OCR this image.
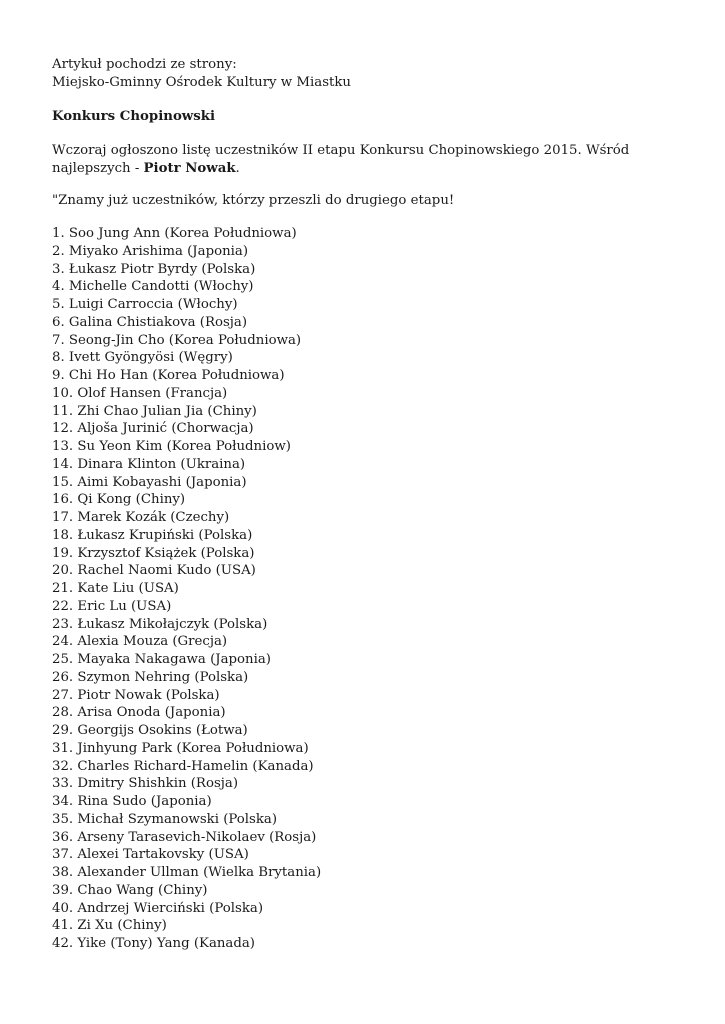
Artykuł pochodzi ze strony:
Miejsko-Gminny Ośrodek Kultury w Miastku

Konkurs Chopinowski

Wczoraj ogłoszono listę uczestników II etapu Konkursu Chopinowskiego 2015. Wśród najlepszych - Piotr Nowak.

"Znamy już uczestników, którzy przeszli do drugiego etapu!

1. Soo Jung Ann (Korea Południowa)
2. Miyako Arishima (Japonia)
3. Łukasz Piotr Byrdy (Polska)
4. Michelle Candotti (Włochy)
5. Luigi Carroccia (Włochy)
6. Galina Chistiakova (Rosja)
7. Seong-Jin Cho (Korea Południowa)
8. Ivett Gyöngyösi (Węgry)
9. Chi Ho Han (Korea Południowa)
10. Olof Hansen (Francja)
11. Zhi Chao Julian Jia (Chiny)
12. Aljoša Jurinić (Chorwacja)
13. Su Yeon Kim (Korea Południow)
14. Dinara Klinton (Ukraina)
15. Aimi Kobayashi (Japonia)
16. Qi Kong (Chiny)
17. Marek Kozák (Czechy)
18. Łukasz Krupiński (Polska)
19. Krzysztof Książek (Polska)
20. Rachel Naomi Kudo (USA)
21. Kate Liu (USA)
22. Eric Lu (USA)
23. Łukasz Mikołajczyk (Polska)
24. Alexia Mouza (Grecja)
25. Mayaka Nakagawa (Japonia)
26. Szymon Nehring (Polska)
27. Piotr Nowak (Polska)
28. Arisa Onoda (Japonia)
29. Georgijs Osokins (Łotwa)
31. Jinhyung Park (Korea Południowa)
32. Charles Richard-Hamelin (Kanada)
33. Dmitry Shishkin (Rosja)
34. Rina Sudo (Japonia)
35. Michał Szymanowski (Polska)
36. Arseny Tarasevich-Nikolaev (Rosja)
37. Alexei Tartakovsky (USA)
38. Alexander Ullman (Wielka Brytania)
39. Chao Wang (Chiny)
40. Andrzej Wierciński (Polska)
41. Zi Xu (Chiny)
42. Yike (Tony) Yang (Kanada)
